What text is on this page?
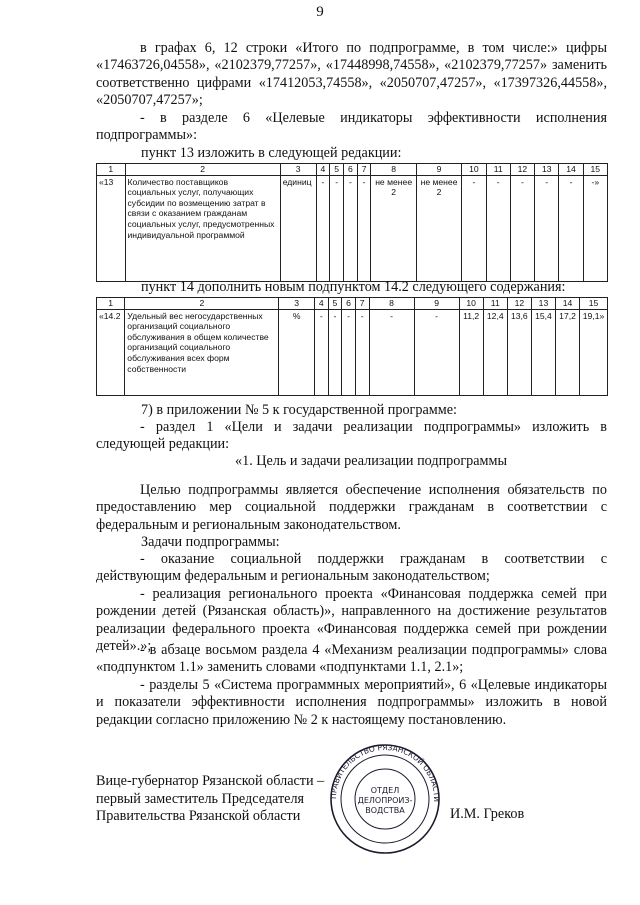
9
в графах 6, 12 строки «Итого по подпрограмме, в том числе:» цифры «17463726,04558», «2102379,77257», «17448998,74558», «2102379,77257» заменить соответственно цифрами «17412053,74558», «2050707,47257», «17397326,44558», «2050707,47257»;
- в разделе 6 «Целевые индикаторы эффективности исполнения подпрограммы»:
пункт 13 изложить в следующей редакции:
1	2	3	4	5	6	7	8	9	10	11	12	13	14	15
«13	Количество поставщиков социальных услуг, получающих субсидии по возмещению затрат в связи с оказанием гражданам социальных услуг, предусмотренных индивидуальной программой	единиц	-	-	-	-	не менее 2	не менее 2	-	-	-	-	-	-»
пункт 14 дополнить новым подпунктом 14.2 следующего содержания:
1	2	3	4	5	6	7	8	9	10	11	12	13	14	15
«14.2	Удельный вес негосударственных организаций социального обслуживания в общем количестве организаций социального обслуживания всех форм собственности	%	-	-	-	-	-	-	11,2	12,4	13,6	15,4	17,2	19,1»
7) в приложении № 5 к государственной программе:
- раздел 1 «Цели и задачи реализации подпрограммы» изложить в следующей редакции:
«1. Цель и задачи реализации подпрограммы
Целью подпрограммы является обеспечение исполнения обязательств по предоставлению мер социальной поддержки гражданам в соответствии с федеральным и региональным законодательством.
Задачи подпрограммы:
- оказание социальной поддержки гражданам в соответствии с действующим федеральным и региональным законодательством;
- реализация регионального проекта «Финансовая поддержка семей при рождении детей (Рязанская область)», направленного на достижение результатов реализации федерального проекта «Финансовая поддержка семей при рождении детей».»;
- в абзаце восьмом раздела 4 «Механизм реализации подпрограммы» слова «подпунктом 1.1» заменить словами «подпунктами 1.1, 2.1»;
- разделы 5 «Система программных мероприятий», 6 «Целевые индикаторы и показатели эффективности исполнения подпрограммы» изложить в новой редакции согласно приложению № 2 к настоящему постановлению.
ПРАВИТЕЛЬСТВО РЯЗАНСКОЙ ОБЛАСТИ
ОТДЕЛ
ДЕЛОПРОИЗ-
ВОДСТВА
Вице-губернатор Рязанской области –
первый заместитель Председателя
Правительства Рязанской области	И.М. Греков
